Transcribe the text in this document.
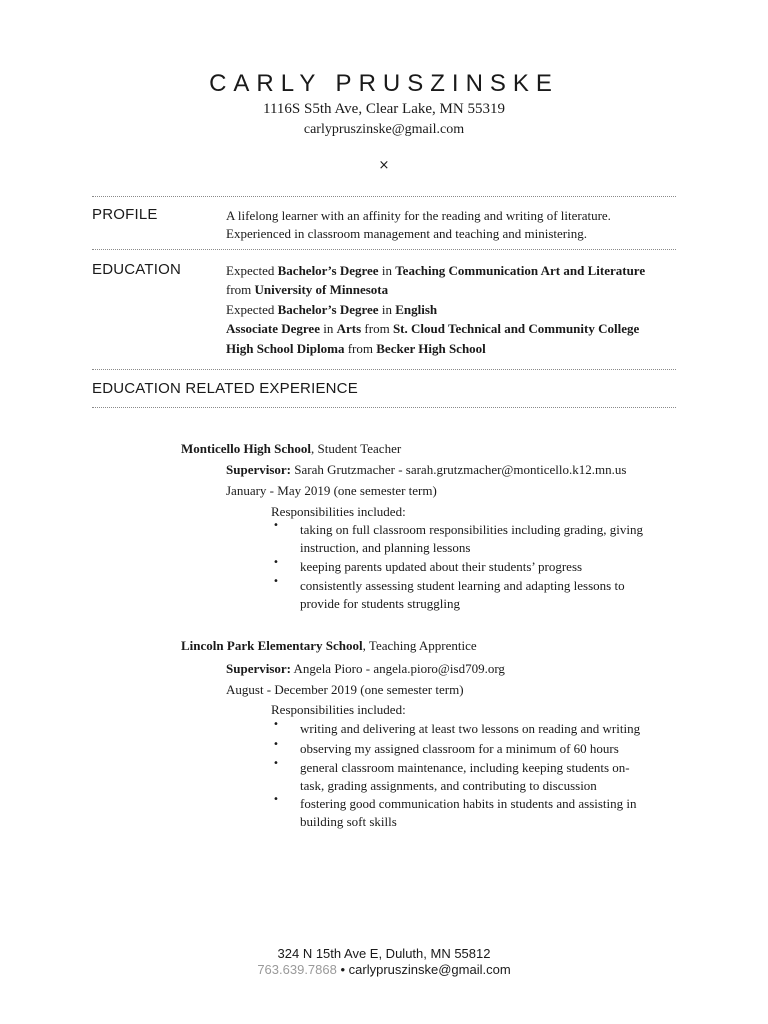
CARLY PRUSZINSKE
1116S S5th Ave, Clear Lake, MN 55319
carlypruszinske@gmail.com
×
PROFILE	A lifelong learner with an affinity for the reading and writing of literature.
Experienced in classroom management and teaching and ministering.
EDUCATION	Expected Bachelor’s Degree in Teaching Communication Art and Literature
from University of Minnesota
Expected Bachelor’s Degree in English
Associate Degree in Arts from St. Cloud Technical and Community College
High School Diploma from Becker High School
EDUCATION RELATED EXPERIENCE
Monticello High School, Student Teacher
Supervisor: Sarah Grutzmacher - sarah.grutzmacher@monticello.k12.mn.us
January - May 2019 (one semester term)
Responsibilities included:
• taking on full classroom responsibilities including grading, giving
instruction, and planning lessons
• keeping parents updated about their students’ progress
• consistently assessing student learning and adapting lessons to
provide for students struggling
Lincoln Park Elementary School, Teaching Apprentice
Supervisor: Angela Pioro - angela.pioro@isd709.org
August - December 2019 (one semester term)
Responsibilities included:
• writing and delivering at least two lessons on reading and writing
• observing my assigned classroom for a minimum of 60 hours
• general classroom maintenance, including keeping students on-
task, grading assignments, and contributing to discussion
• fostering good communication habits in students and assisting in
building soft skills
324 N 15th Ave E, Duluth, MN 55812
763.639.7868 • carlypruszinske@gmail.com
